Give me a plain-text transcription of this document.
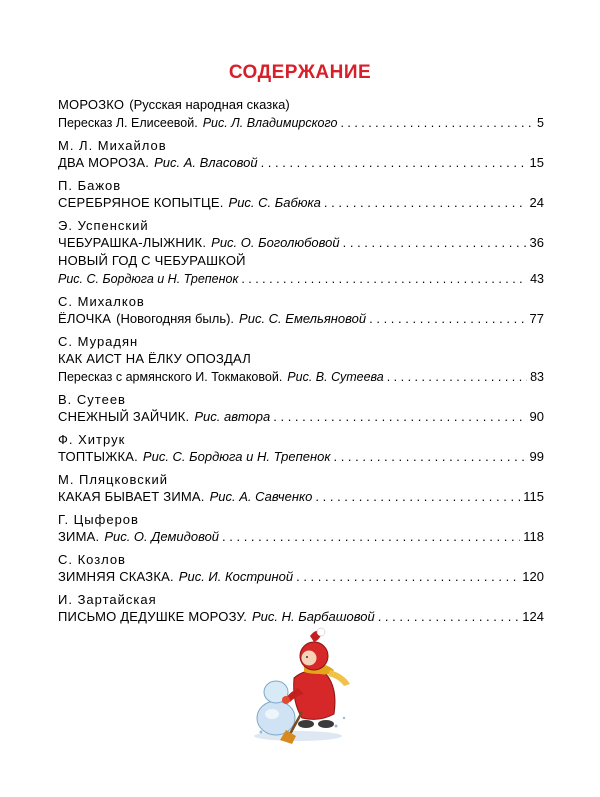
СОДЕРЖАНИЕ
МОРОЗКО (Русская народная сказка)
Пересказ Л. Елисеевой. Рис. Л. Владимирского . . .	5
М. Л. Михайлов
ДВА МОРОЗА. Рис. А. Власовой . . .	15
П. Бажов
СЕРЕБРЯНОЕ КОПЫТЦЕ. Рис. С. Бабюка . . .	24
Э. Успенский
ЧЕБУРАШКА-ЛЫЖНИК. Рис. О. Боголюбовой . . .	36
НОВЫЙ ГОД С ЧЕБУРАШКОЙ
Рис. С. Бордюга и Н. Трепенок . . .	43
С. Михалков
ЁЛОЧКА (Новогодняя быль). Рис. С. Емельяновой . . .	77
С. Мурадян
КАК АИСТ НА ЁЛКУ ОПОЗДАЛ
Пересказ с армянского И. Токмаковой. Рис. В. Сутеева . . .	83
В. Сутеев
СНЕЖНЫЙ ЗАЙЧИК. Рис. автора . . .	90
Ф. Хитрук
ТОПТЫЖКА. Рис. С. Бордюга и Н. Трепенок . . .	99
М. Пляцковский
КАКАЯ БЫВАЕТ ЗИМА. Рис. А. Савченко . . .	115
Г. Цыферов
ЗИМА. Рис. О. Демидовой . . .	118
С. Козлов
ЗИМНЯЯ СКАЗКА. Рис. И. Костриной . . .	120
И. Зартайская
ПИСЬМО ДЕДУШКЕ МОРОЗУ. Рис. Н. Барбашовой . . .	124
